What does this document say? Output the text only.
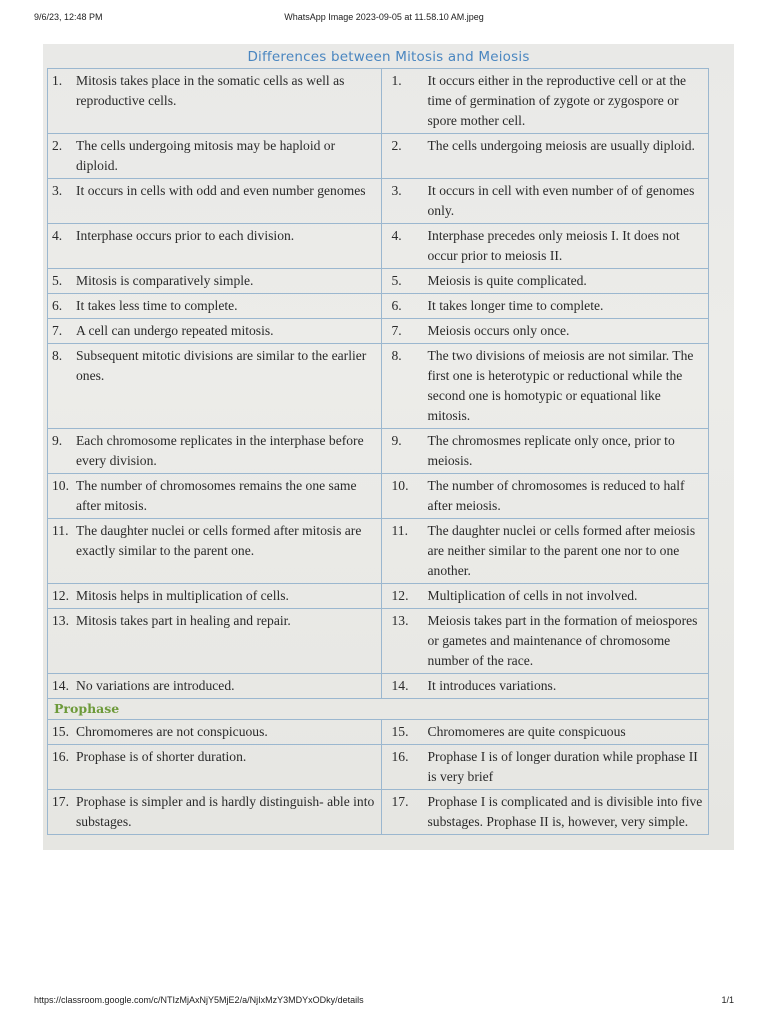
9/6/23, 12:48 PM	WhatsApp Image 2023-09-05 at 11.58.10 AM.jpeg
Differences between Mitosis and Meiosis
1. Mitosis takes place in the somatic cells as well as reproductive cells.	1. It occurs either in the reproductive cell or at the time of germination of zygote or zygospore or spore mother cell.

2. The cells undergoing mitosis may be haploid or diploid.	2. The cells undergoing meiosis are usually diploid.

3. It occurs in cells with odd and even number genomes	3. It occurs in cell with even number of of genomes only.

4. Interphase occurs prior to each division.	4. Interphase precedes only meiosis I. It does not occur prior to meiosis II.

5. Mitosis is comparatively simple.	5. Meiosis is quite complicated.

6. It takes less time to complete.	6. It takes longer time to complete.

7. A cell can undergo repeated mitosis.	7. Meiosis occurs only once.

8. Subsequent mitotic divisions are similar to the earlier ones.	8. The two divisions of meiosis are not similar. The first one is heterotypic or reductional while the second one is homotypic or equational like mitosis.

9. Each chromosome replicates in the interphase before every division.	9. The chromosmes replicate only once, prior to meiosis.

10. The number of chromosomes remains the one same after mitosis.	10. The number of chromosomes is reduced to half after meiosis.

11. The daughter nuclei or cells formed after mitosis are exactly similar to the parent one.	11. The daughter nuclei or cells formed after meiosis are neither similar to the parent one nor to one another.

12. Mitosis helps in multiplication of cells.	12. Multiplication of cells in not involved.

13. Mitosis takes part in healing and repair.	13. Meiosis takes part in the formation of meiospores or gametes and maintenance of chromosome number of the race.

14. No variations are introduced.	14. It introduces variations.

Prophase	

15. Chromomeres are not conspicuous.	15. Chromomeres are quite conspicuous

16. Prophase is of shorter duration.	16. Prophase I is of longer duration while prophase II is very brief

17. Prophase is simpler and is hardly distinguish- able into substages.	17. Prophase I is complicated and is divisible into five substages. Prophase II is, however, very simple.
https://classroom.google.com/c/NTIzMjAxNjY5MjE2/a/NjIxMzY3MDYxODky/details	1/1
